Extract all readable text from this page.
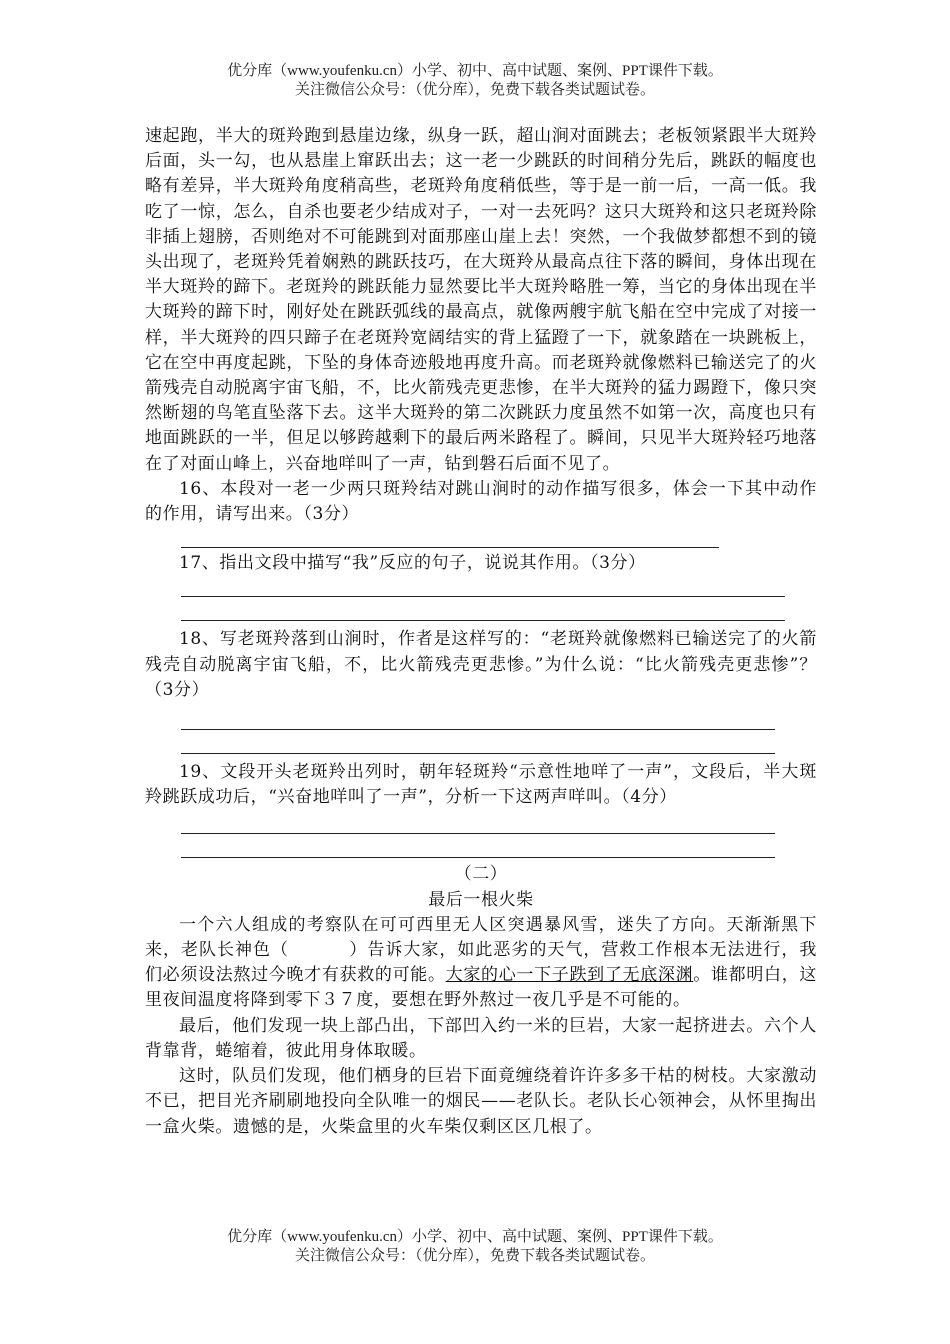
优分库（www.youfenku.cn）小学、初中、高中试题、案例、PPT课件下载。
关注微信公众号：（优分库），免费下载各类试题试卷。

速起跑，半大的斑羚跑到悬崖边缘，纵身一跃，超山涧对面跳去；老板领紧跟半大斑羚后面，头一勾，也从悬崖上窜跃出去；这一老一少跳跃的时间稍分先后，跳跃的幅度也略有差异，半大斑羚角度稍高些，老斑羚角度稍低些，等于是一前一后，一高一低。我吃了一惊，怎么，自杀也要老少结成对子，一对一去死吗？这只大斑羚和这只老斑羚除非插上翅膀，否则绝对不可能跳到对面那座山崖上去！突然，一个我做梦都想不到的镜头出现了，老斑羚凭着娴熟的跳跃技巧，在大斑羚从最高点往下落的瞬间，身体出现在半大斑羚的蹄下。老斑羚的跳跃能力显然要比半大斑羚略胜一筹，当它的身体出现在半大斑羚的蹄下时，刚好处在跳跃弧线的最高点，就像两艘宇航飞船在空中完成了对接一样，半大斑羚的四只蹄子在老斑羚宽阔结实的背上猛蹬了一下，就象踏在一块跳板上，它在空中再度起跳，下坠的身体奇迹般地再度升高。而老斑羚就像燃料已输送完了的火箭残壳自动脱离宇宙飞船，不，比火箭残壳更悲惨，在半大斑羚的猛力踢蹬下，像只突然断翅的鸟笔直坠落下去。这半大斑羚的第二次跳跃力度虽然不如第一次，高度也只有地面跳跃的一半，但足以够跨越剩下的最后两米路程了。瞬间，只见半大斑羚轻巧地落在了对面山峰上，兴奋地咩叫了一声，钻到磐石后面不见了。

16、本段对一老一少两只斑羚结对跳山涧时的动作描写很多，体会一下其中动作的作用，请写出来。（3分）

17、指出文段中描写“我”反应的句子，说说其作用。（3分）

18、写老斑羚落到山涧时，作者是这样写的：“老斑羚就像燃料已输送完了的火箭残壳自动脱离宇宙飞船，不，比火箭残壳更悲惨。”为什么说：“比火箭残壳更悲惨”？（3分）

19、文段开头老斑羚出列时，朝年轻斑羚“示意性地咩了一声”，文段后，半大斑羚跳跃成功后，“兴奋地咩叫了一声”，分析一下这两声咩叫。（4分）

（二）

最后一根火柴

一个六人组成的考察队在可可西里无人区突遇暴风雪，迷失了方向。天渐渐黑下来，老队长神色（	）告诉大家，如此恶劣的天气，营救工作根本无法进行，我们必须设法熬过今晚才有获救的可能。大家的心一下子跌到了无底深渊。谁都明白，这里夜间温度将降到零下３７度，要想在野外熬过一夜几乎是不可能的。

最后，他们发现一块上部凸出，下部凹入约一米的巨岩，大家一起挤进去。六个人背靠背，蜷缩着，彼此用身体取暖。

这时，队员们发现，他们栖身的巨岩下面竟缠绕着许许多多干枯的树枝。大家激动不已，把目光齐刷刷地投向全队唯一的烟民——老队长。老队长心领神会，从怀里掏出一盒火柴。遗憾的是，火柴盒里的火车柴仅剩区区几根了。

优分库（www.youfenku.cn）小学、初中、高中试题、案例、PPT课件下载。
关注微信公众号：（优分库），免费下载各类试题试卷。
